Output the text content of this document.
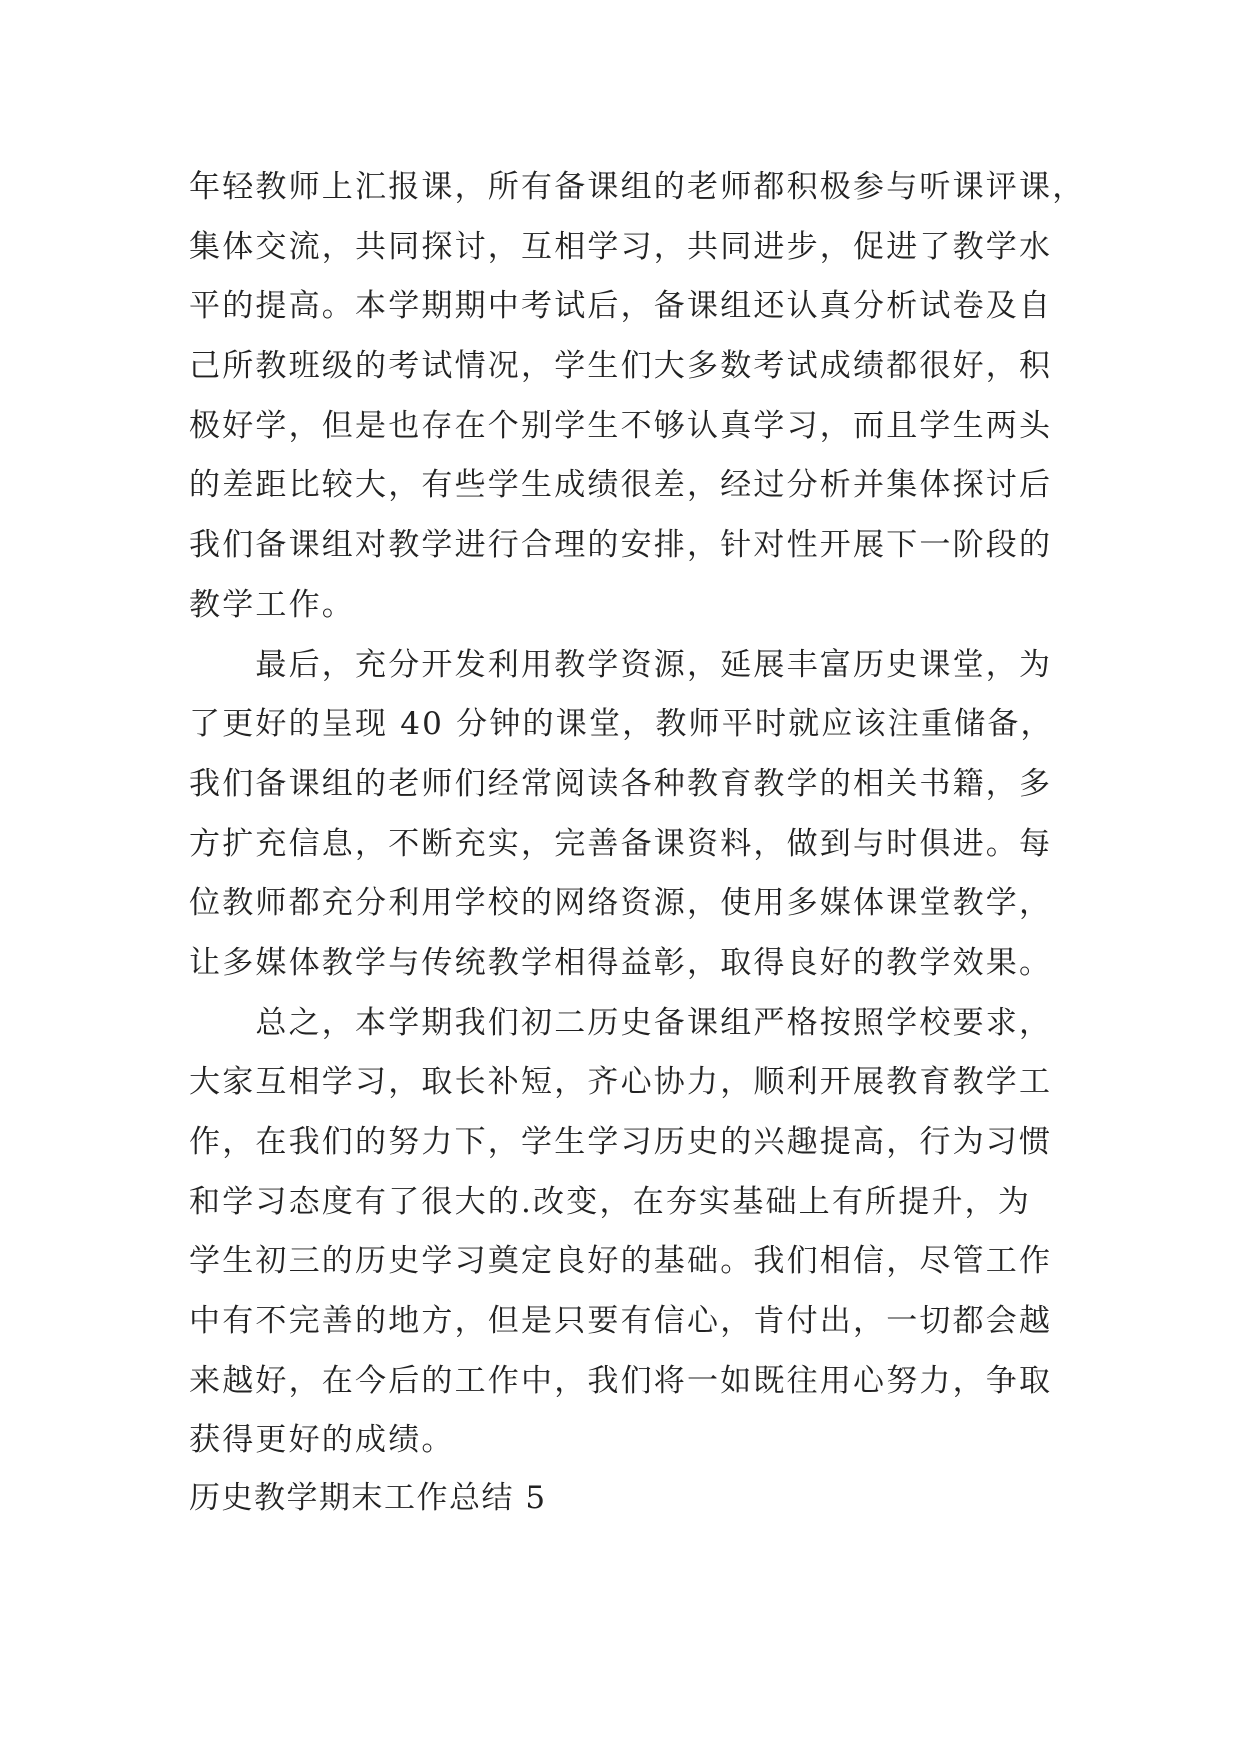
年轻教师上汇报课，所有备课组的老师都积极参与听课评课，
集体交流，共同探讨，互相学习，共同进步，促进了教学水
平的提高。本学期期中考试后，备课组还认真分析试卷及自
己所教班级的考试情况，学生们大多数考试成绩都很好，积
极好学，但是也存在个别学生不够认真学习，而且学生两头
的差距比较大，有些学生成绩很差，经过分析并集体探讨后
我们备课组对教学进行合理的安排，针对性开展下一阶段的
教学工作。
　　最后，充分开发利用教学资源，延展丰富历史课堂，为
了更好的呈现 40 分钟的课堂，教师平时就应该注重储备，
我们备课组的老师们经常阅读各种教育教学的相关书籍，多
方扩充信息，不断充实，完善备课资料，做到与时俱进。每
位教师都充分利用学校的网络资源，使用多媒体课堂教学，
让多媒体教学与传统教学相得益彰，取得良好的教学效果。
　　总之，本学期我们初二历史备课组严格按照学校要求，
大家互相学习，取长补短，齐心协力，顺利开展教育教学工
作，在我们的努力下，学生学习历史的兴趣提高，行为习惯
和学习态度有了很大的.改变，在夯实基础上有所提升，为
学生初三的历史学习奠定良好的基础。我们相信，尽管工作
中有不完善的地方，但是只要有信心，肯付出，一切都会越
来越好，在今后的工作中，我们将一如既往用心努力，争取
获得更好的成绩。
历史教学期末工作总结 5
